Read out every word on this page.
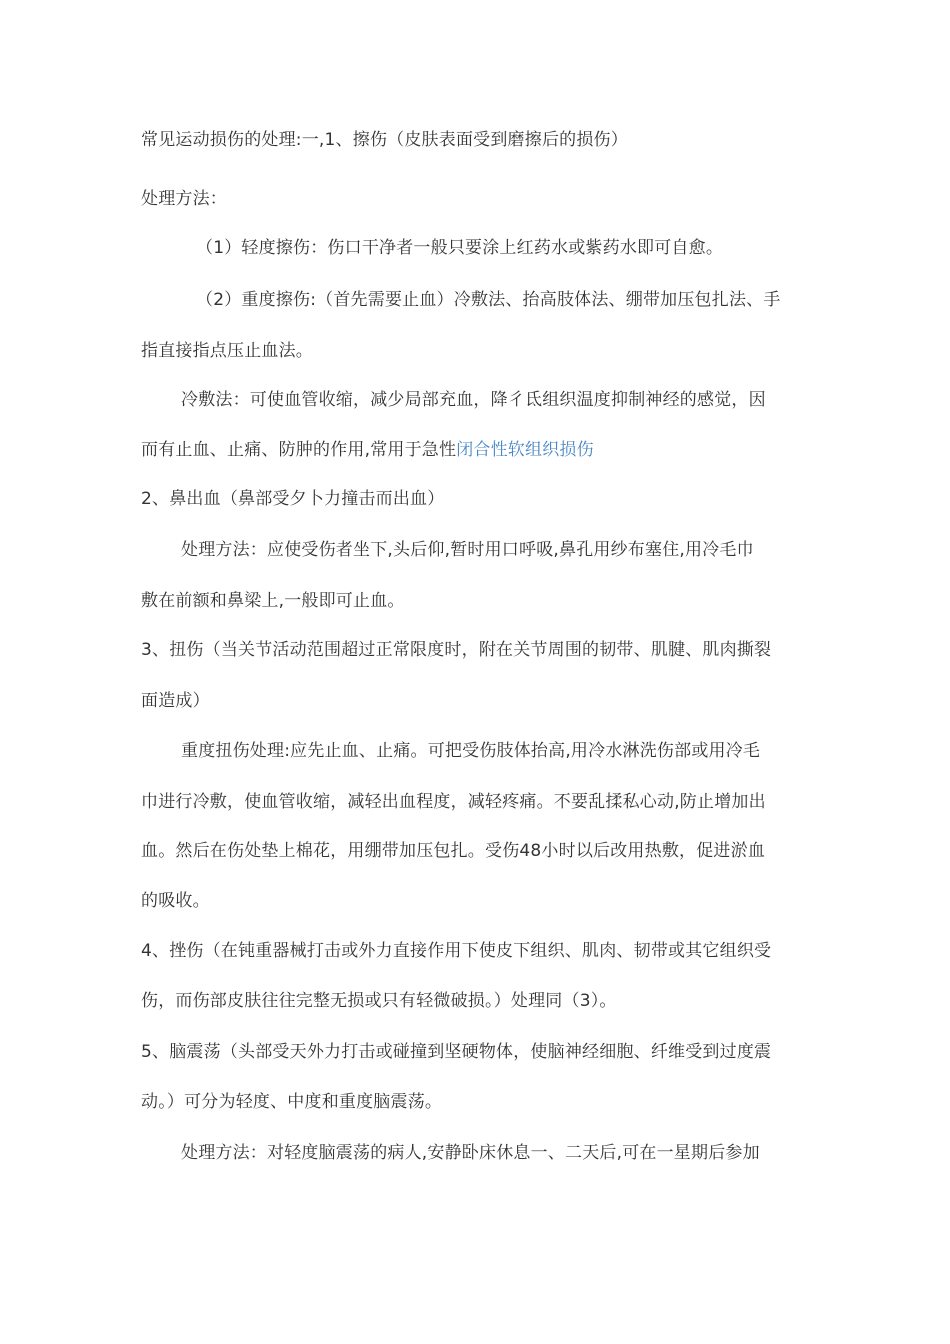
常见运动损伤的处理:一,1、擦伤（皮肤表面受到磨擦后的损伤）
处理方法：
（1）轻度擦伤：伤口干净者一般只要涂上红药水或紫药水即可自愈。
（2）重度擦伤:（首先需要止血）冷敷法、抬高肢体法、绷带加压包扎法、手
指直接指点压止血法。
冷敷法：可使血管收缩，减少局部充血，降彳氐组织温度抑制神经的感觉，因
而有止血、止痛、防肿的作用,常用于急性闭合性软组织损伤
2、鼻出血（鼻部受夕卜力撞击而出血）
处理方法：应使受伤者坐下,头后仰,暂时用口呼吸,鼻孔用纱布塞住,用冷毛巾
敷在前额和鼻梁上,一般即可止血。
3、扭伤（当关节活动范围超过正常限度时，附在关节周围的韧带、肌腱、肌肉撕裂
面造成）
重度扭伤处理:应先止血、止痛。可把受伤肢体抬高,用冷水淋洗伤部或用冷毛
巾进行冷敷，使血管收缩，减轻出血程度，减轻疼痛。不要乱揉私心动,防止增加出
血。然后在伤处垫上棉花，用绷带加压包扎。受伤48小时以后改用热敷，促进淤血
的吸收。
4、挫伤（在钝重器械打击或外力直接作用下使皮下组织、肌肉、韧带或其它组织受
伤，而伤部皮肤往往完整无损或只有轻微破损。）处理同（3）。
5、脑震荡（头部受天外力打击或碰撞到坚硬物体，使脑神经细胞、纤维受到过度震
动。）可分为轻度、中度和重度脑震荡。
处理方法：对轻度脑震荡的病人,安静卧床休息一、二天后,可在一星期后参加
